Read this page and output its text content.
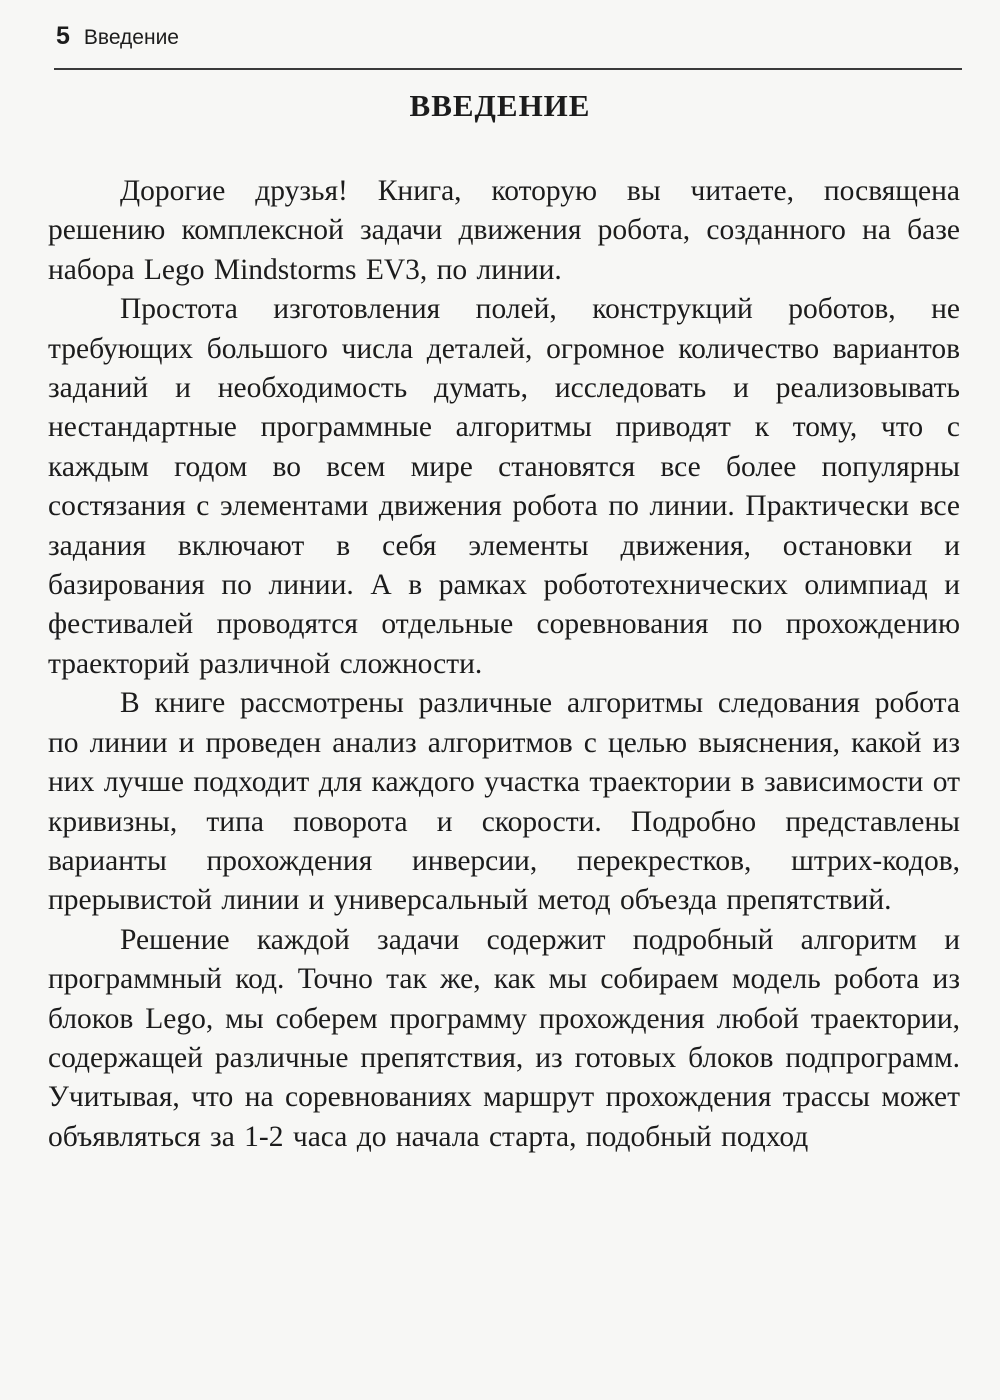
5 Введение
ВВЕДЕНИЕ

Дорогие друзья! Книга, которую вы читаете, посвящена решению комплексной задачи движения робота, созданного на базе набора Lego Mindstorms EV3, по линии.

Простота изготовления полей, конструкций роботов, не требующих большого числа деталей, огромное количество вариантов заданий и необходимость думать, исследовать и реализовывать нестандартные программные алгоритмы приводят к тому, что с каждым годом во всем мире становятся все более популярны состязания с элементами движения робота по линии. Практически все задания включают в себя элементы движения, остановки и базирования по линии. А в рамках робототехнических олимпиад и фестивалей проводятся отдельные соревнования по прохождению траекторий различной сложности.

В книге рассмотрены различные алгоритмы следования робота по линии и проведен анализ алгоритмов с целью выяснения, какой из них лучше подходит для каждого участка траектории в зависимости от кривизны, типа поворота и скорости. Подробно представлены варианты прохождения инверсии, перекрестков, штрих-кодов, прерывистой линии и универсальный метод объезда препятствий.

Решение каждой задачи содержит подробный алгоритм и программный код. Точно так же, как мы собираем модель робота из блоков Lego, мы соберем программу прохождения любой траектории, содержащей различные препятствия, из готовых блоков подпрограмм. Учитывая, что на соревнованиях маршрут прохождения трассы может объявляться за 1-2 часа до начала старта, подобный подход
